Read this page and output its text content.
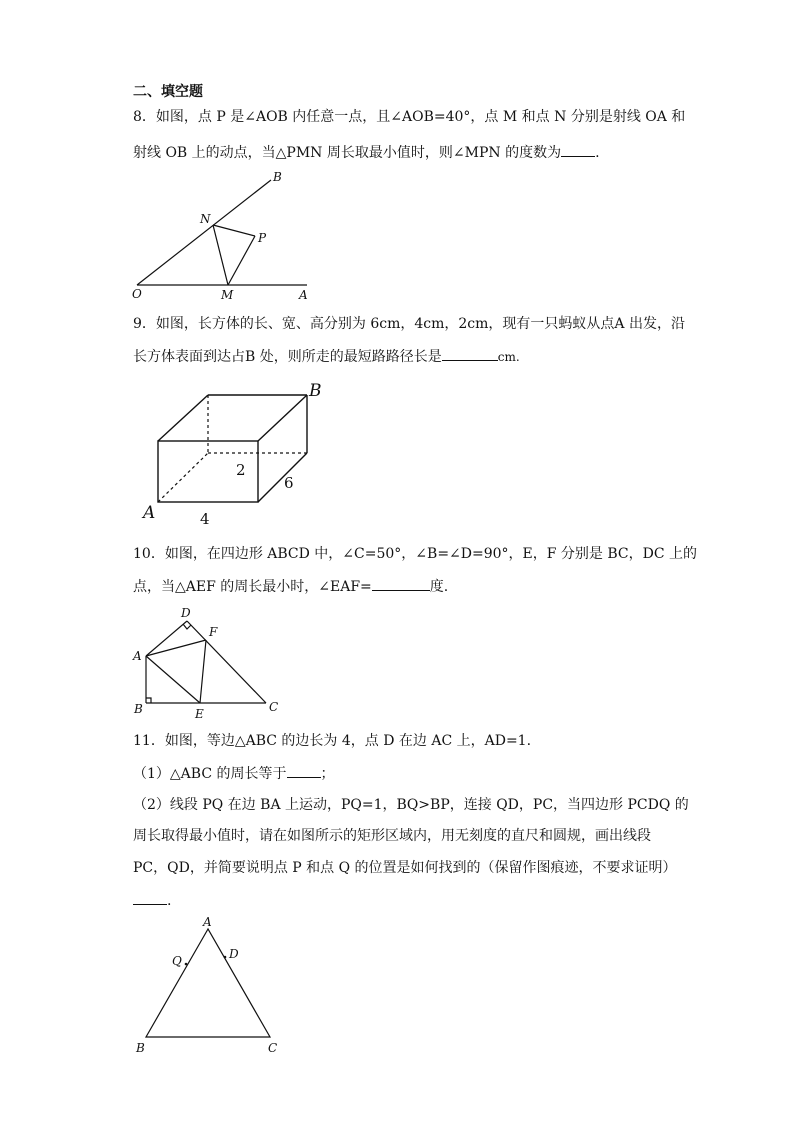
二、填空题
8．如图，点 P 是∠AOB 内任意一点，且∠AOB=40°，点 M 和点 N 分别是射线 OA 和
射线 OB 上的动点，当△PMN 周长取最小值时，则∠MPN 的度数为 .
B
N
P
O	M	A
9．如图，长方体的长、宽、高分别为 6cm，4cm，2cm，现有一只蚂蚁从点A 出发，沿
长方体表面到达占B 处，则所走的最短路路径长是	cm.
A
B
2
6
4
10．如图，在四边形 ABCD 中，∠C=50°，∠B=∠D=90°，E，F 分别是 BC，DC 上的
点，当△AEF 的周长最小时，∠EAF=	度.
D
F
A
B	E	C
11．如图，等边△ABC 的边长为 4，点 D 在边 AC 上，AD=1.
（1）△ABC 的周长等于 ；
（2）线段 PQ 在边 BA 上运动，PQ=1，BQ>BP，连接 QD，PC，当四边形 PCDQ 的
周长取得最小值时，请在如图所示的矩形区域内，用无刻度的直尺和圆规，画出线段
PC，QD，并简要说明点 P 和点 Q 的位置是如何找到的（保留作图痕迹，不要求证明）
.
A
Q	D
B	C
